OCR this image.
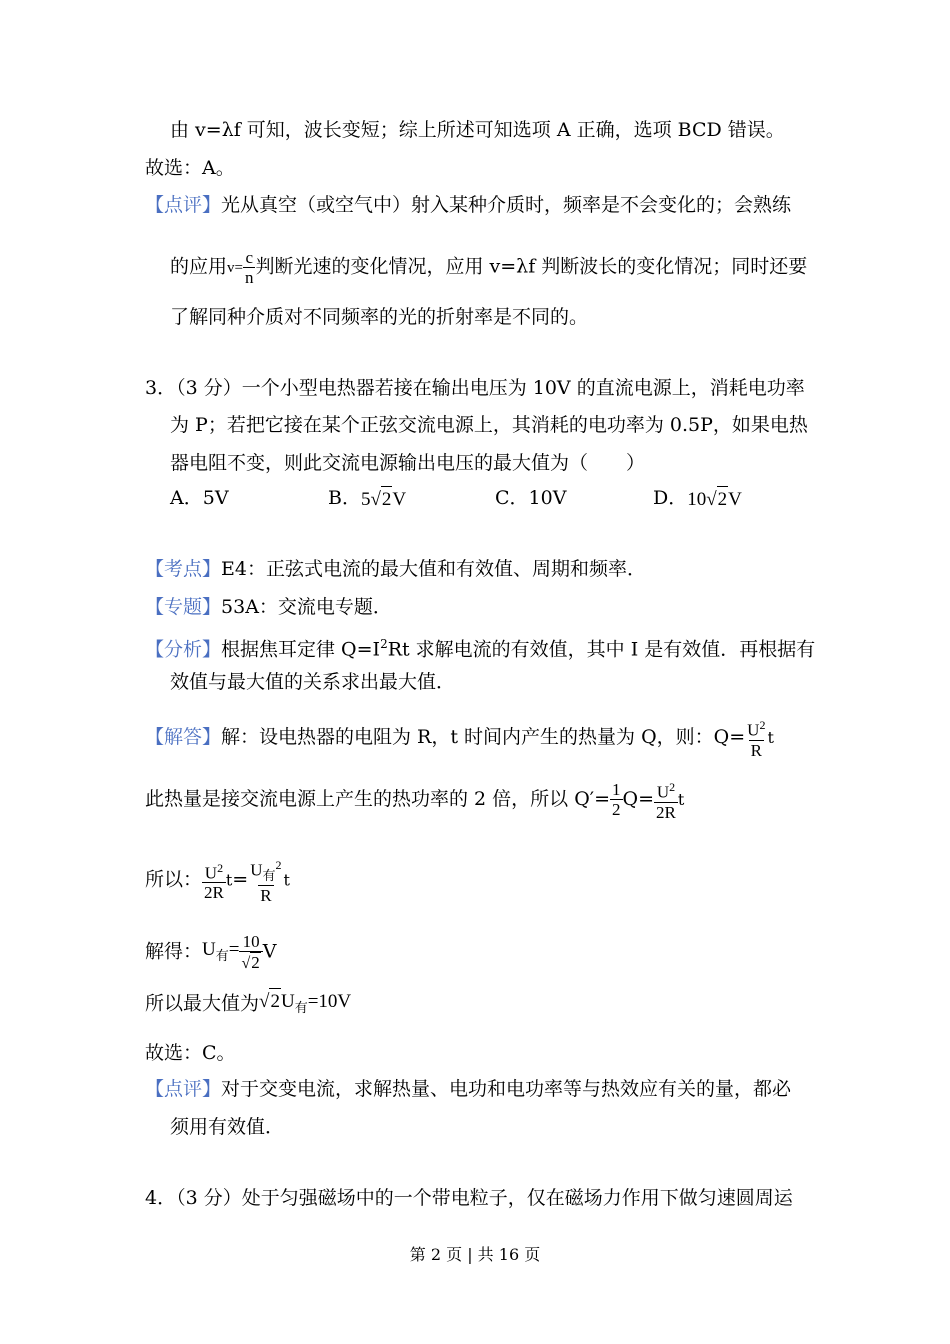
由 v=λf 可知，波长变短；综上所述可知选项 A 正确，选项 BCD 错误。
故选：A。
【点评】光从真空（或空气中）射入某种介质时，频率是不会变化的；会熟练
的应用$v= \frac{c}{n}$ 判断光速的变化情况，应用 v=λf 判断波长的变化情况；同时还要
了解同种介质对不同频率的光的折射率是不同的。
3．（3 分）一个小型电热器若接在输出电压为 10V 的直流电源上，消耗电功率
为 P；若把它接在某个正弦交流电源上，其消耗的电功率为 0.5P，如果电热
器电阻不变，则此交流电源输出电压的最大值为（　　）
A．5V	B．5√2V	C．10V	D．10√2V
【考点】E4：正弦式电流的最大值和有效值、周期和频率．
【专题】53A：交流电专题．
【分析】根据焦耳定律 $Q=I^2Rt$ 求解电流的有效值，其中 I 是有效值．再根据有
效值与最大值的关系求出最大值．
【解答】解：设电热器的电阻为 R，t 时间内产生的热量为 Q，则：$Q= \frac{U^2}{R}$ t
此热量是接交流电源上产生的热功率的 2 倍，所以 $Q'= \frac{1}{2} Q= \frac{U^2}{2R}$ t
所以： $\frac{U^2}{2R} t= \frac{U_有^2}{R}$ t
解得：$U_有= \frac{10}{√2}$ V
所以最大值为$√2U_有=10V$
故选：C。
【点评】对于交变电流，求解热量、电功和电功率等与热效应有关的量，都必
须用有效值．
4．（3 分）处于匀强磁场中的一个带电粒子，仅在磁场力作用下做匀速圆周运
第 2 页 | 共 16 页
